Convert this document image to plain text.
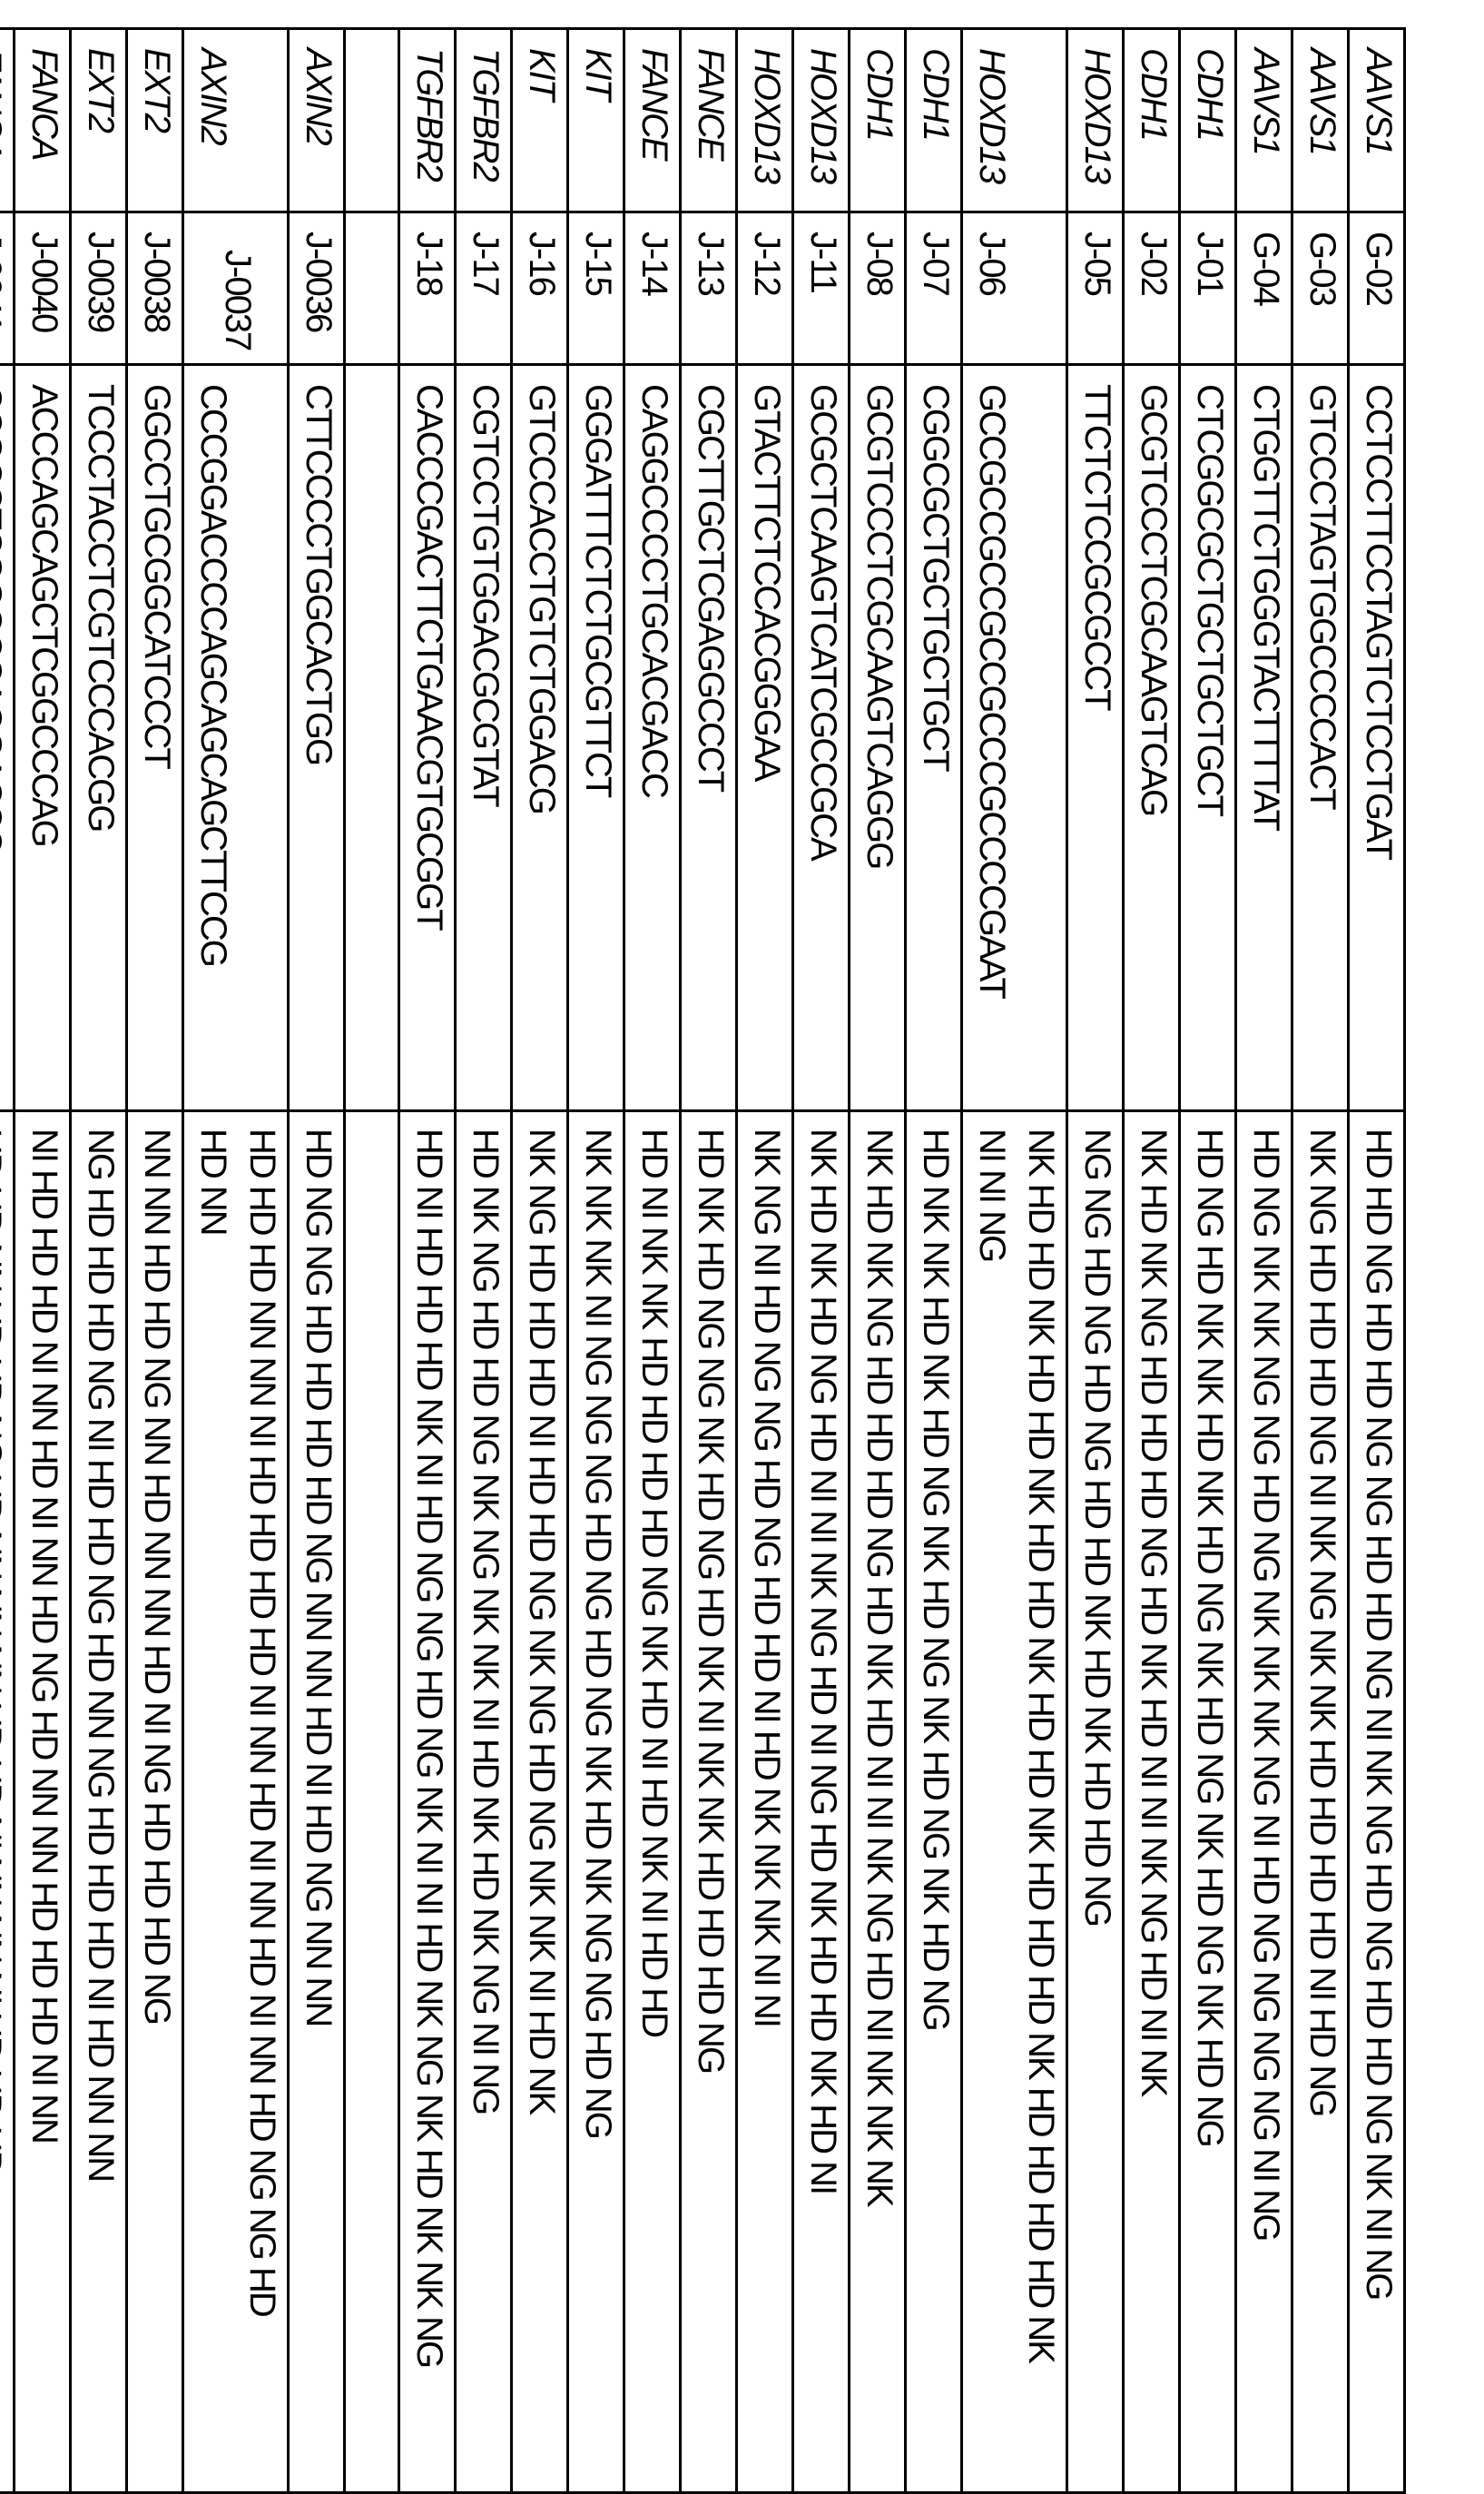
AAVS1	G-02	CCTCCTTCCTAGTCTCCTGAT	
HD HD NG HD HD NG NG HD HD NG NI NK NG HD NG HD HD NG NK NI NG

AAVS1	G-03	GTCCCTAGTGGCCCCACT	
NK NG HD HD HD NG NI NK NG NK NK HD HD HD HD NI HD NG

AAVS1	G-04	CTGGTTCTGGGTACTTTTAT	
HD NG NK NK NG NG HD NG NK NK NK NG NI HD NG NG NG NG NI NG

CDH1	J-01	CTCGGCGCTGCTGCTGCT	
HD NG HD NK NK HD NK HD NG NK HD NG NK HD NG NK HD NG

CDH1	J-02	GCGTCCCTCGCAAGTCAG	
NK HD NK NG HD HD HD NG HD NK HD NI NI NK NG HD NI NK

HOXD13	J-05	TTCTCTCCGCGCCT	
NG NG HD NG HD NG HD HD NK HD NK HD HD NG

HOXD13	J-06	GCCGCCGCCGCCGCCCGCCCCGAAT	
NK HD HD NK HD HD NK HD HD NK HD HD NK HD HD HD NK HD HD HD HD NK
NI NI NG

CDH1	J-07	CGGCGCTGCTGCTGCT	
HD NK NK HD NK HD NG NK HD NG NK HD NG NK HD NG

CDH1	J-08	GCGTCCCTCGCAAGTCAGGG	
NK HD NK NG HD HD HD NG HD NK HD NI NI NK NG HD NI NK NK NK

HOXD13	J-11	GCGCTCAAGTCATCGCCGCA	
NK HD NK HD NG HD NI NI NK NG HD NI NG HD NK HD HD NK HD NI

HOXD13	J-12	GTACTTCTCCACGGGAA	
NK NG NI HD NG NG HD NG HD HD NI HD NK NK NK NI NI

FANCE	J-13	CGCTTGCTCGAGGCCCT	
HD NK HD NG NG NK HD NG HD NK NI NK NK HD HD HD NG

FANCE	J-14	CAGGCCCCTGCACGACC	
HD NI NK NK HD HD HD HD NG NK HD NI HD NK NI HD HD

KIT	J-15	GGGATTTCTCTGCGTTCT	
NK NK NK NI NG NG NG HD NG HD NG NK HD NK NG NG HD NG

KIT	J-16	GTCCCACCTGTCTGGACG	
NK NG HD HD HD NI HD HD NG NK NG HD NG NK NK NI HD NK

TGFBR2	J-17	CGTCCTGTGGACGCGTAT	
HD NK NG HD HD NG NK NG NK NK NI HD NK HD NK NG NI NG

TGFBR2	J-18	CACCCGACTTCTGAACGTGCGGT	
HD NI HD HD HD NK NI HD NG NG HD NG NK NI NI HD NK NG NK HD NK NK NG

AXIN2	J-0036	CTTCCCCTGGCACTGG	
HD NG NG HD HD HD HD NG NN NN HD NI HD NG NN NN

AXIN2	J-0037	CCCGGACCCCAGCAGCAGCTTCCG	
HD HD HD NN NN NI HD HD HD HD NI NN HD NI NN HD NI NN HD NG NG HD
HD NN

EXT2	J-0038	GGCCTGCGGCATCCCT	
NN NN HD HD NG NN HD NN NN HD NI NG HD HD HD NG

EXT2	J-0039	TCCCTACCTCGTCCCACGG	
NG HD HD HD NG NI HD HD NG HD NN NG HD HD HD NI HD NN NN

FANCA	J-0040	ACCCAGCAGCTCGGCCCAG	
NI HD HD HD NI NN HD NI NN HD NG HD NN NN HD HD HD NI NN

FANCA	J-0041	CCGCCTCGGGCCAGGACCC	
HD HD NN HD HD NG HD NN NN NN HD HD NI NN NN NI HD HD HD
